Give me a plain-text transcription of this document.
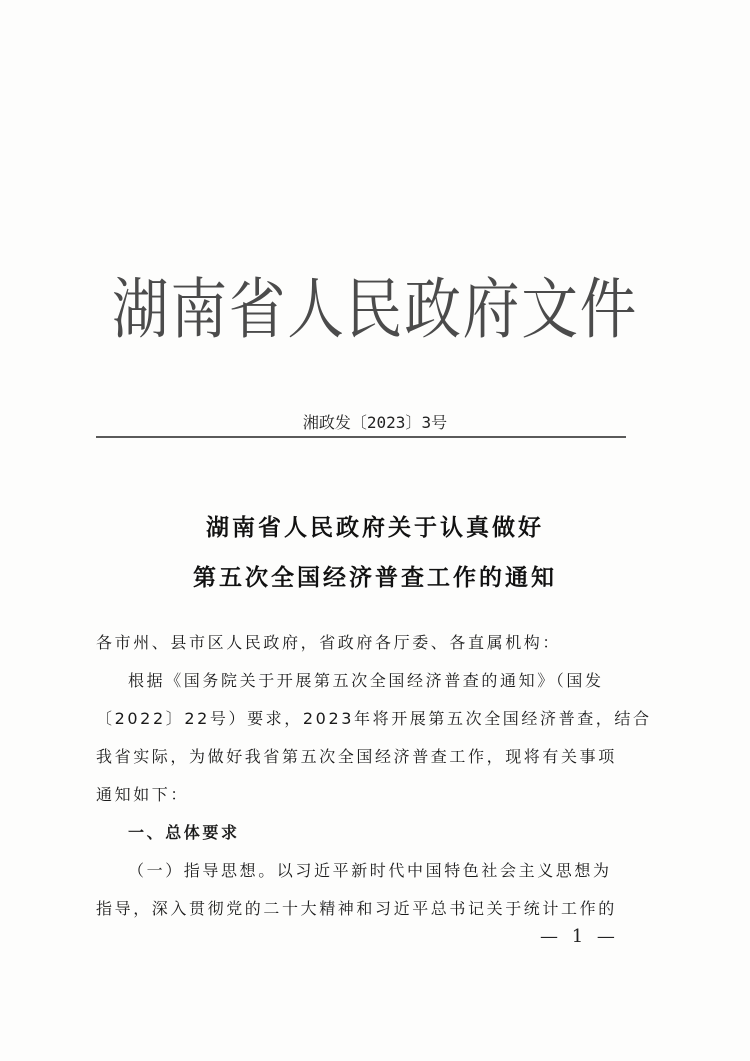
湖南省人民政府文件
湘政发〔2023〕3号
湖南省人民政府关于认真做好
第五次全国经济普查工作的通知
各市州、县市区人民政府，省政府各厅委、各直属机构：
根据《国务院关于开展第五次全国经济普查的通知》（国发
〔2022〕22号）要求，2023年将开展第五次全国经济普查，结合
我省实际，为做好我省第五次全国经济普查工作，现将有关事项
通知如下：
一、总体要求
（一）指导思想。以习近平新时代中国特色社会主义思想为
指导，深入贯彻党的二十大精神和习近平总书记关于统计工作的
— 1 —
